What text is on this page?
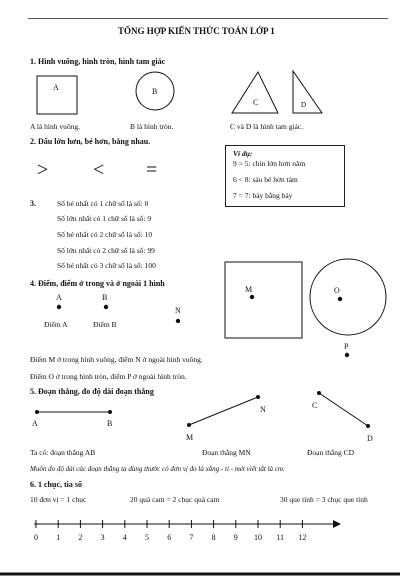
TỔNG HỢP KIẾN THỨC TOÁN LỚP 1
1. Hình vuông, hình tròn, hình tam giác
2. Dấu lớn hơn, bé hơn, bằng nhau.
> < =
Ví dụ:
9 > 5: chín lớn hơn năm
6 < 8: sáu bé hơn tám
7 = 7: bảy bằng bảy
3.	Số bé nhất có 1 chữ số là số: 0
Số lớn nhất có 1 chữ số là số: 9
Số bé nhất có 2 chữ số là số: 10
Số lớn nhất có 2 chữ số là số: 99
Số bé nhất có 3 chữ số là số: 100
4. Điểm, điểm ở trong và ở ngoài 1 hình
5. Đoạn thẳng, đo độ dài đoạn thẳng
6. 1 chục, tia số
A	B
C	D
A là hình vuông.	B là hình tròn.	C và D là hình tam giác.
A
Điểm A
B
Điểm B
N
M	O
P
Điểm M ở trong hình vuông, điểm N ở ngoài hình vuông.
Điểm O ở trong hình tròn, điểm P ở ngoài hình tròn.
A	B
M
N	C
D
Ta có: đoạn thẳng AB	Đoạn thẳng MN	Đoạn thẳng CD
Muốn đo độ dài các đoạn thẳng ta dùng thước có đơn vị đo là xăng - ti - mét viết tắt là cm.
10 đơn vị = 1 chục	20 quả cam = 2 chục quả cam	30 que tính = 3 chục que tính
0 1 2 3 4 5 6 7 8 9 10 11 12
